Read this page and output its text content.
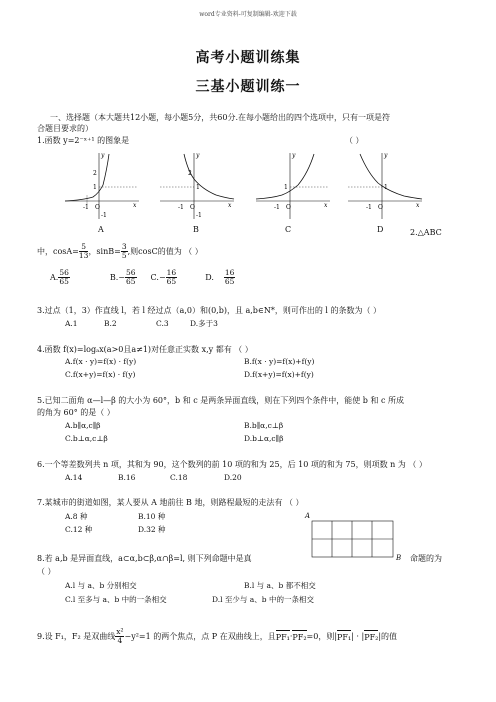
word专业资料-可复制编辑-欢迎下载
高考小题训练集
三基小题训练一
一、选择题（本大题共12小题，每小题5分，共60分.在每小题给出的四个选项中，只有一项是符
合题目要求的）
1.函数 y=2⁻ˣ⁺¹ 的图象是	（ ）
y
2
1
-1 O	x
-1
A
y
2
1
-1 O	x
-1
B
y
1
-1 O	x
C
y
1
-1 O	x
D	2.△ABC
中，$\cos A= \frac{5}{13}$ ，$\sin B= \frac{3}{5}$ ,则cosC的值为 （ ）
A. $\frac{56}{65}$	B. − $\frac{56}{65} C$. − $\frac{16}{65}$	D. $\frac{16}{65}$
3.过点（1，3）作直线 l，若 l 经过点（a,0）和(0,b)，且 a,b∈N*，则可作出的 l 的条数为（ ）
A.1	B.2	C.3	D.多于3
4.函数 f(x)=logₐx(a>0且a≠1)对任意正实数 x,y 都有 （ ）
A.f(x · y)=f(x) · f(y)	B.f(x · y)=f(x)+f(y)
C.f(x+y)=f(x) · f(y)	D.f(x+y)=f(x)+f(y)
5.已知二面角 α—l—β 的大小为 60°，b 和 c 是两条异面直线，则在下列四个条件中，能使 b 和 c 所成
的角为 60° 的是（ ）
A.b∥α,c∥β	B.b∥α,c⊥β
C.b⊥α,c⊥β	D.b⊥α,c∥β
6.一个等差数列共 n 项，其和为 90，这个数列的前 10 项的和为 25，后 10 项的和为 75，则项数 n 为 （ ）
A.14	B.16	C.18	D.20
7.某城市的街道如图，某人要从 A 地前往 B 地，则路程最短的走法有 （ ）
A.8 种	B.10 种
C.12 种	D.32 种
A
B
8.若 a,b 是异面直线，a⊂α,b⊂β,α∩β=l, 则下列命题中是真	命题的为
（ ）
A.l 与 a、b 分别相交	B.l 与 a、b 都不相交
C.l 至多与 a、b 中的一条相交	D.l 至少与 a、b 中的一条相交
9.设 F₁，F₂ 是双曲线 $\frac{\text{x²}}{4} -y^2=1$ 的两个焦点，点 P 在双曲线上，且 PF₁ · PF₂ =0，则| PF₁ | · | PF₂ |的值
